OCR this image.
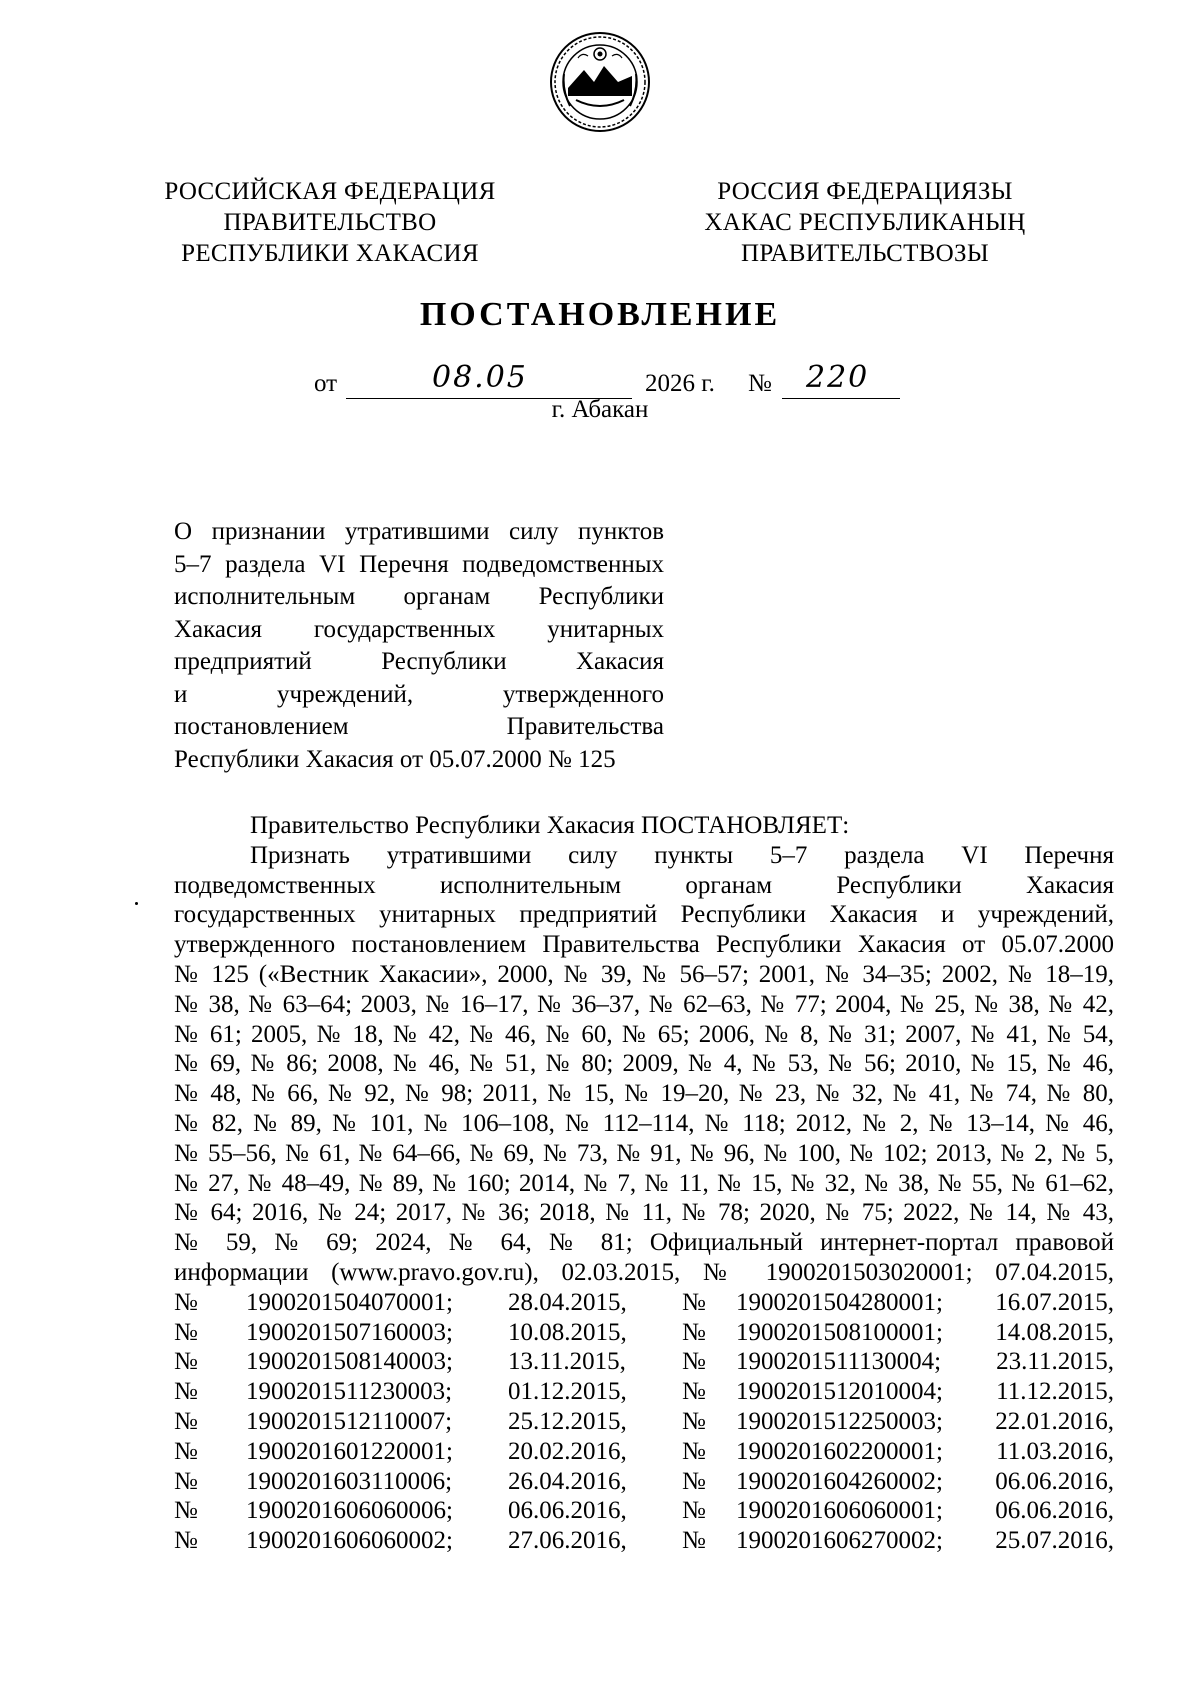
РОССИЙСКАЯ ФЕДЕРАЦИЯ
ПРАВИТЕЛЬСТВО
РЕСПУБЛИКИ ХАКАСИЯ
РОССИЯ ФЕДЕРАЦИЯЗЫ
ХАКАС РЕСПУБЛИКАНЫҢ
ПРАВИТЕЛЬСТВОЗЫ
ПОСТАНОВЛЕНИЕ
от	08.05	2026 г. № 220
г. Абакан
О признании утратившими силу пунктов
5–7 раздела VI Перечня подведомственных
исполнительным органам Республики
Хакасия государственных унитарных
предприятий Республики Хакасия
и учреждений, утвержденного
постановлением Правительства
Республики Хакасия от 05.07.2000 № 125
Правительство Республики Хакасия ПОСТАНОВЛЯЕТ:
Признать утратившими силу пункты 5–7 раздела VI Перечня
подведомственных исполнительным органам Республики Хакасия
государственных унитарных предприятий Республики Хакасия и учреждений,
утвержденного постановлением Правительства Республики Хакасия от 05.07.2000
№ 125 («Вестник Хакасии», 2000, № 39, № 56–57; 2001, № 34–35; 2002, № 18–19,
№ 38, № 63–64; 2003, № 16–17, № 36–37, № 62–63, № 77; 2004, № 25, № 38, № 42,
№ 61; 2005, № 18, № 42, № 46, № 60, № 65; 2006, № 8, № 31; 2007, № 41, № 54,
№ 69, № 86; 2008, № 46, № 51, № 80; 2009, № 4, № 53, № 56; 2010, № 15, № 46,
№ 48, № 66, № 92, № 98; 2011, № 15, № 19–20, № 23, № 32, № 41, № 74, № 80,
№ 82, № 89, № 101, № 106–108, № 112–114, № 118; 2012, № 2, № 13–14, № 46,
№ 55–56, № 61, № 64–66, № 69, № 73, № 91, № 96, № 100, № 102; 2013, № 2, № 5,
№ 27, № 48–49, № 89, № 160; 2014, № 7, № 11, № 15, № 32, № 38, № 55, № 61–62,
№ 64; 2016, № 24; 2017, № 36; 2018, № 11, № 78; 2020, № 75; 2022, № 14, № 43,
№ 59, № 69; 2024, № 64, № 81; Официальный интернет-портал правовой
информации (www.pravo.gov.ru), 02.03.2015, № 1900201503020001; 07.04.2015,
№ 1900201504070001; 28.04.2015, № 1900201504280001; 16.07.2015,
№ 1900201507160003; 10.08.2015, № 1900201508100001; 14.08.2015,
№ 1900201508140003; 13.11.2015, № 1900201511130004; 23.11.2015,
№ 1900201511230003; 01.12.2015, № 1900201512010004; 11.12.2015,
№ 1900201512110007; 25.12.2015, № 1900201512250003; 22.01.2016,
№ 1900201601220001; 20.02.2016, № 1900201602200001; 11.03.2016,
№ 1900201603110006; 26.04.2016, № 1900201604260002; 06.06.2016,
№ 1900201606060006; 06.06.2016, № 1900201606060001; 06.06.2016,
№ 1900201606060002; 27.06.2016, № 1900201606270002; 25.07.2016,
